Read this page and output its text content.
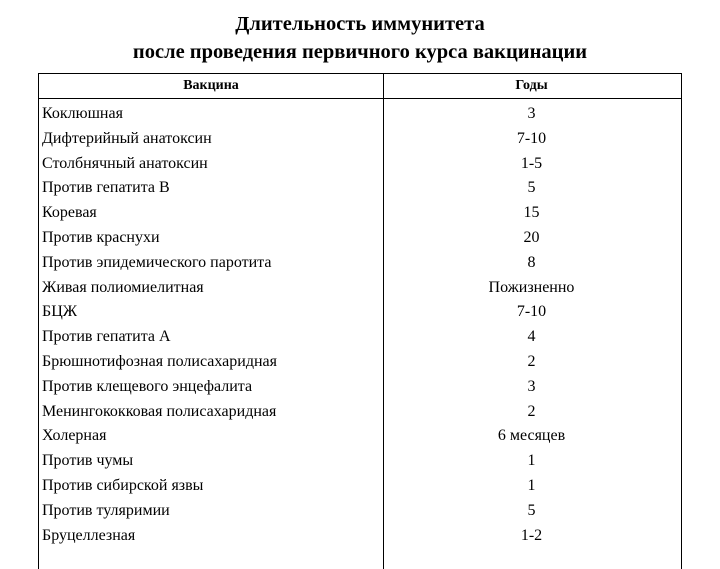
Длительность иммунитета
после проведения первичного курса вакцинации
Вакцина	Годы
Коклюшная
Дифтерийный анатоксин
Столбнячный анатоксин
Против гепатита В
Коревая
Против краснухи
Против эпидемического паротита
Живая полиомиелитная
БЦЖ
Против гепатита А
Брюшнотифозная полисахаридная
Против клещевого энцефалита
Менингококковая полисахаридная
Холерная
Против чумы
Против сибирской язвы
Против туляримии
Бруцеллезная
3
7-10
1-5
5
15
20
8
Пожизненно
7-10
4
2
3
2
6 месяцев
1
1
5
1-2
